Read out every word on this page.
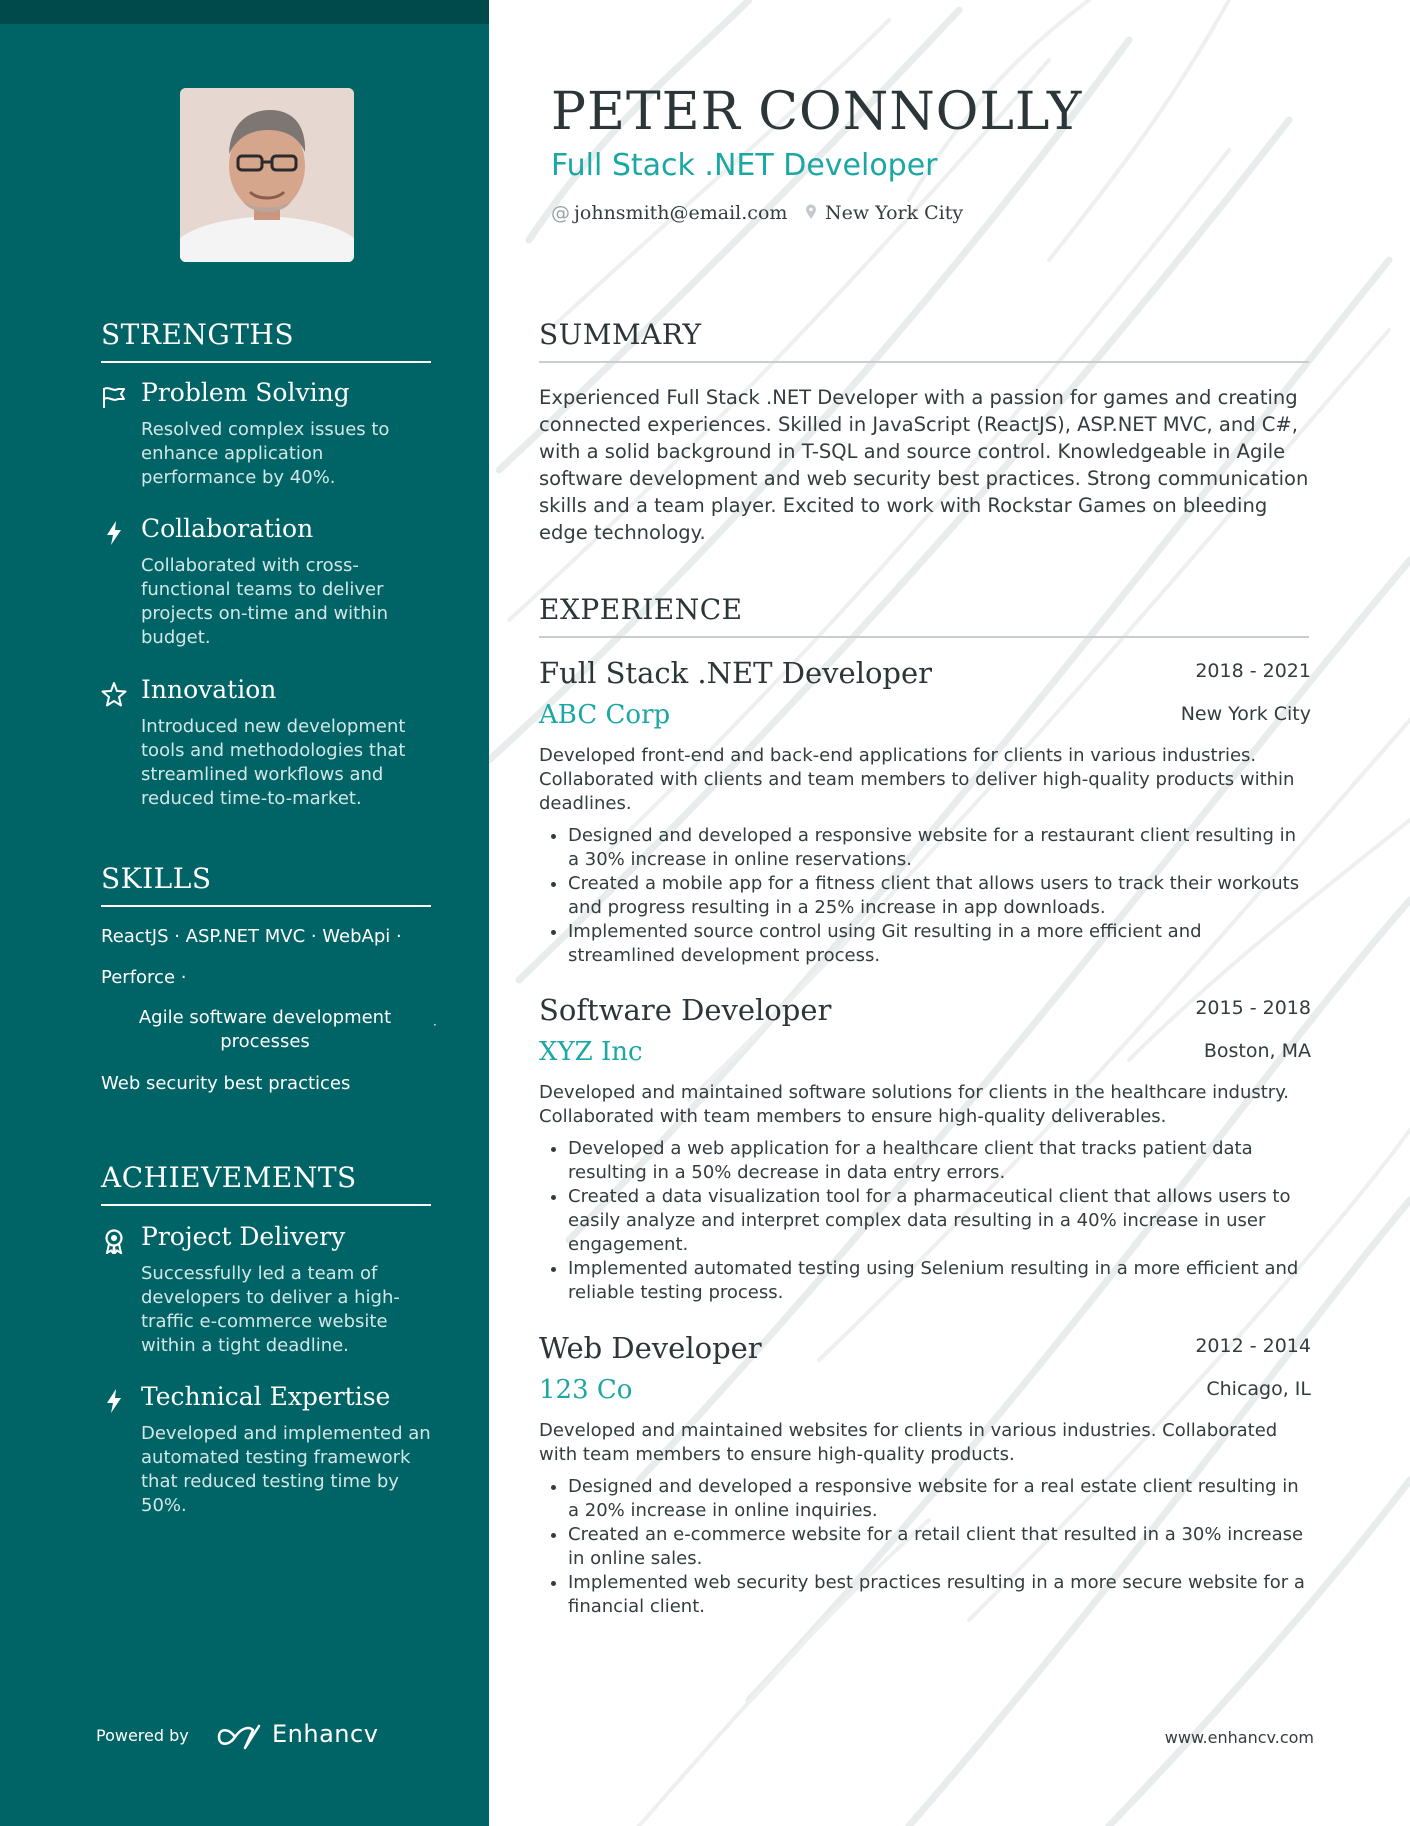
STRENGTHS
Problem Solving
Resolved complex issues to enhance application performance by 40%.
Collaboration
Collaborated with cross-functional teams to deliver projects on-time and within budget.
Innovation
Introduced new development tools and methodologies that streamlined workflows and reduced time-to-market.
SKILLS
ReactJS · ASP.NET MVC · WebApi ·
Perforce ·
Agile software development processes
·
Web security best practices
ACHIEVEMENTS
Project Delivery
Successfully led a team of developers to deliver a high-traffic e-commerce website within a tight deadline.
Technical Expertise
Developed and implemented an automated testing framework that reduced testing time by 50%.
Powered by	Enhancv
PETER CONNOLLY
Full Stack .NET Developer
@ johnsmith@email.com	New York City
SUMMARY
Experienced Full Stack .NET Developer with a passion for games and creating connected experiences. Skilled in JavaScript (ReactJS), ASP.NET MVC, and C#, with a solid background in T-SQL and source control. Knowledgeable in Agile software development and web security best practices. Strong communication skills and a team player. Excited to work with Rockstar Games on bleeding edge technology.
EXPERIENCE
Full Stack .NET Developer	2018 - 2021
ABC Corp	New York City
Developed front-end and back-end applications for clients in various industries. Collaborated with clients and team members to deliver high-quality products within deadlines.
• Designed and developed a responsive website for a restaurant client resulting in a 30% increase in online reservations.
• Created a mobile app for a fitness client that allows users to track their workouts and progress resulting in a 25% increase in app downloads.
• Implemented source control using Git resulting in a more efficient and streamlined development process.
Software Developer	2015 - 2018
XYZ Inc	Boston, MA
Developed and maintained software solutions for clients in the healthcare industry. Collaborated with team members to ensure high-quality deliverables.
• Developed a web application for a healthcare client that tracks patient data resulting in a 50% decrease in data entry errors.
• Created a data visualization tool for a pharmaceutical client that allows users to easily analyze and interpret complex data resulting in a 40% increase in user engagement.
• Implemented automated testing using Selenium resulting in a more efficient and reliable testing process.
Web Developer	2012 - 2014
123 Co	Chicago, IL
Developed and maintained websites for clients in various industries. Collaborated with team members to ensure high-quality products.
• Designed and developed a responsive website for a real estate client resulting in a 20% increase in online inquiries.
• Created an e-commerce website for a retail client that resulted in a 30% increase in online sales.
• Implemented web security best practices resulting in a more secure website for a financial client.
www.enhancv.com
